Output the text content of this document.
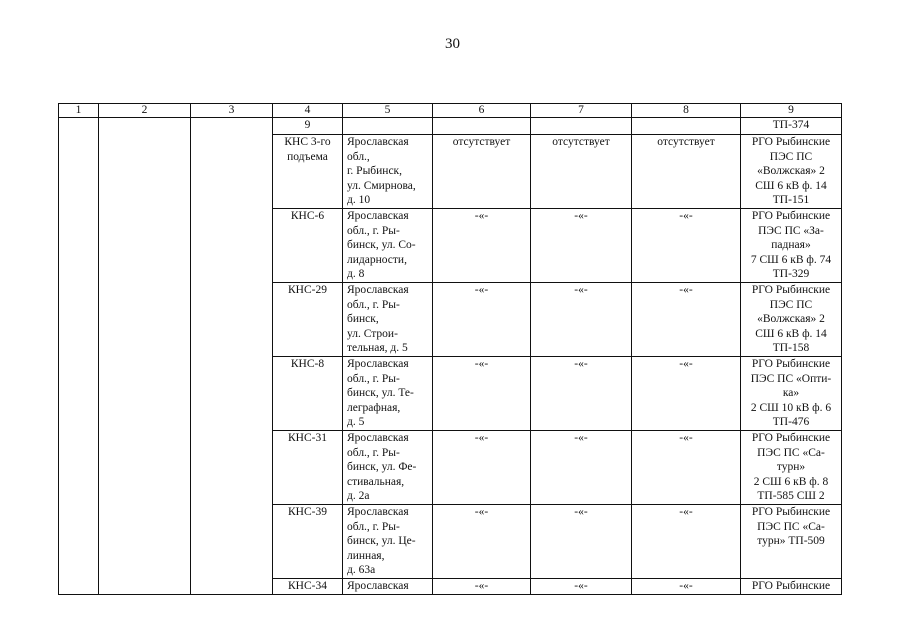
30
1	2	3	4	5	6	7	8	9
			9					ТП-374

			КНС 3-го
подъема	Ярославская
обл.,
г. Рыбинск,
ул. Смирнова,
д. 10	отсутствует	отсутствует	отсутствует	РГО Рыбинские
ПЭС ПС
«Волжская» 2
СШ 6 кВ ф. 14
ТП-151

			КНС-6	Ярославская
обл., г. Ры-
бинск, ул. Со-
лидарности,
д. 8	-«-	-«-	-«-	РГО Рыбинские
ПЭС ПС «За-
падная»
7 СШ 6 кВ ф. 74
ТП-329

			КНС-29	Ярославская
обл., г. Ры-
бинск,
ул. Строи-
тельная, д. 5	-«-	-«-	-«-	РГО Рыбинские
ПЭС ПС
«Волжская» 2
СШ 6 кВ ф. 14
ТП-158

			КНС-8	Ярославская
обл., г. Ры-
бинск, ул. Те-
леграфная,
д. 5	-«-	-«-	-«-	РГО Рыбинские
ПЭС ПС «Опти-
ка»
2 СШ 10 кВ ф. 6
ТП-476

			КНС-31	Ярославская
обл., г. Ры-
бинск, ул. Фе-
стивальная,
д. 2а	-«-	-«-	-«-	РГО Рыбинские
ПЭС ПС «Са-
турн»
2 СШ 6 кВ ф. 8
ТП-585 СШ 2

			КНС-39	Ярославская
обл., г. Ры-
бинск, ул. Це-
линная,
д. 63а	-«-	-«-	-«-	РГО Рыбинские
ПЭС ПС «Са-
турн» ТП-509

			КНС-34	Ярославская	-«-	-«-	-«-	РГО Рыбинские
